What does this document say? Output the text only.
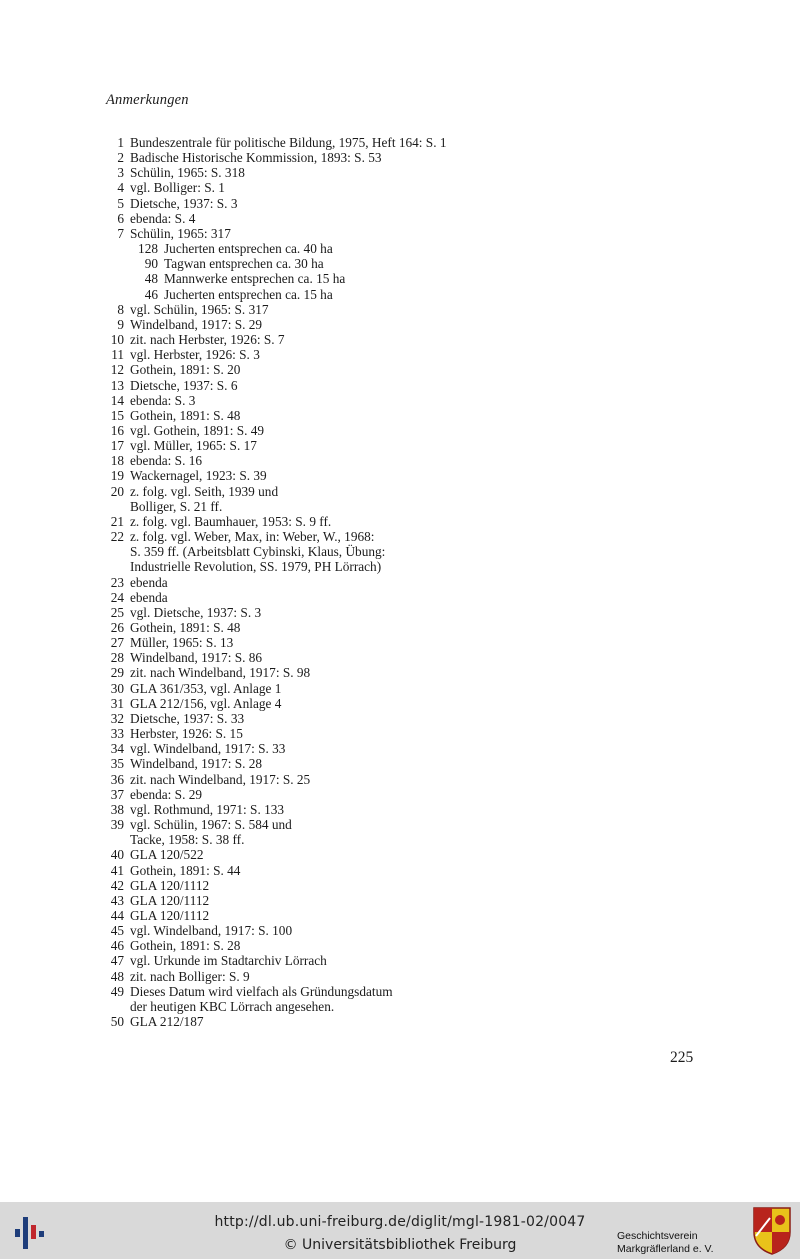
Anmerkungen
1 Bundeszentrale für politische Bildung, 1975, Heft 164: S. 1
2 Badische Historische Kommission, 1893: S. 53
3 Schülin, 1965: S. 318
4 vgl. Bolliger: S. 1
5 Dietsche, 1937: S. 3
6 ebenda: S. 4
7 Schülin, 1965: 317
128 Jucherten entsprechen ca. 40 ha
90 Tagwan entsprechen ca. 30 ha
48 Mannwerke entsprechen ca. 15 ha
46 Jucherten entsprechen ca. 15 ha
8 vgl. Schülin, 1965: S. 317
9 Windelband, 1917: S. 29
10 zit. nach Herbster, 1926: S. 7
11 vgl. Herbster, 1926: S. 3
12 Gothein, 1891: S. 20
13 Dietsche, 1937: S. 6
14 ebenda: S. 3
15 Gothein, 1891: S. 48
16 vgl. Gothein, 1891: S. 49
17 vgl. Müller, 1965: S. 17
18 ebenda: S. 16
19 Wackernagel, 1923: S. 39
20 z. folg. vgl. Seith, 1939 und
Bolliger, S. 21 ff.
21 z. folg. vgl. Baumhauer, 1953: S. 9 ff.
22 z. folg. vgl. Weber, Max, in: Weber, W., 1968:
S. 359 ff. (Arbeitsblatt Cybinski, Klaus, Übung:
Industrielle Revolution, SS. 1979, PH Lörrach)
23 ebenda
24 ebenda
25 vgl. Dietsche, 1937: S. 3
26 Gothein, 1891: S. 48
27 Müller, 1965: S. 13
28 Windelband, 1917: S. 86
29 zit. nach Windelband, 1917: S. 98
30 GLA 361/353, vgl. Anlage 1
31 GLA 212/156, vgl. Anlage 4
32 Dietsche, 1937: S. 33
33 Herbster, 1926: S. 15
34 vgl. Windelband, 1917: S. 33
35 Windelband, 1917: S. 28
36 zit. nach Windelband, 1917: S. 25
37 ebenda: S. 29
38 vgl. Rothmund, 1971: S. 133
39 vgl. Schülin, 1967: S. 584 und
Tacke, 1958: S. 38 ff.
40 GLA 120/522
41 Gothein, 1891: S. 44
42 GLA 120/1112
43 GLA 120/1112
44 GLA 120/1112
45 vgl. Windelband, 1917: S. 100
46 Gothein, 1891: S. 28
47 vgl. Urkunde im Stadtarchiv Lörrach
48 zit. nach Bolliger: S. 9
49 Dieses Datum wird vielfach als Gründungsdatum
der heutigen KBC Lörrach angesehen.
50 GLA 212/187
225
http://dl.ub.uni-freiburg.de/diglit/mgl-1981-02/0047
© Universitätsbibliothek Freiburg
Geschichtsverein
Markgräflerland e. V.
